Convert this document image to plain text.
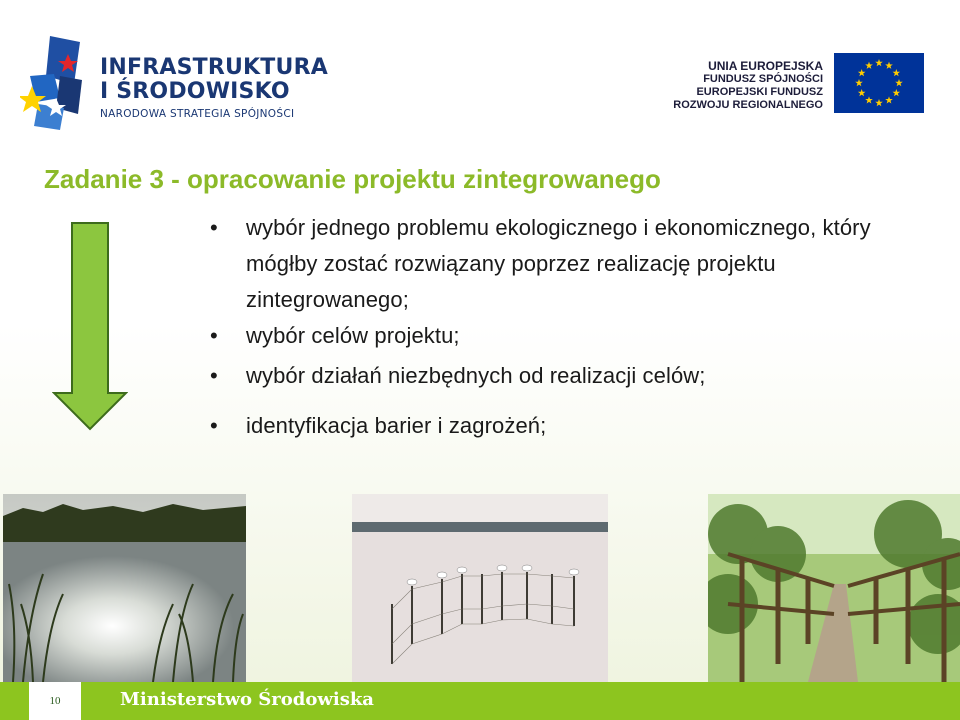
INFRASTRUKTURA
I ŚRODOWISKO
NARODOWA STRATEGIA SPÓJNOŚCI
UNIA EUROPEJSKA
FUNDUSZ SPÓJNOŚCI
EUROPEJSKI FUNDUSZ
ROZWOJU REGIONALNEGO
Zadanie 3 - opracowanie projektu zintegrowanego
• wybór jednego problemu ekologicznego i ekonomicznego, który mógłby zostać rozwiązany poprzez realizację projektu zintegrowanego;
• wybór celów projektu;
• wybór działań niezbędnych od realizacji celów;
• identyfikacja barier i zagrożeń;
10	Ministerstwo Środowiska
